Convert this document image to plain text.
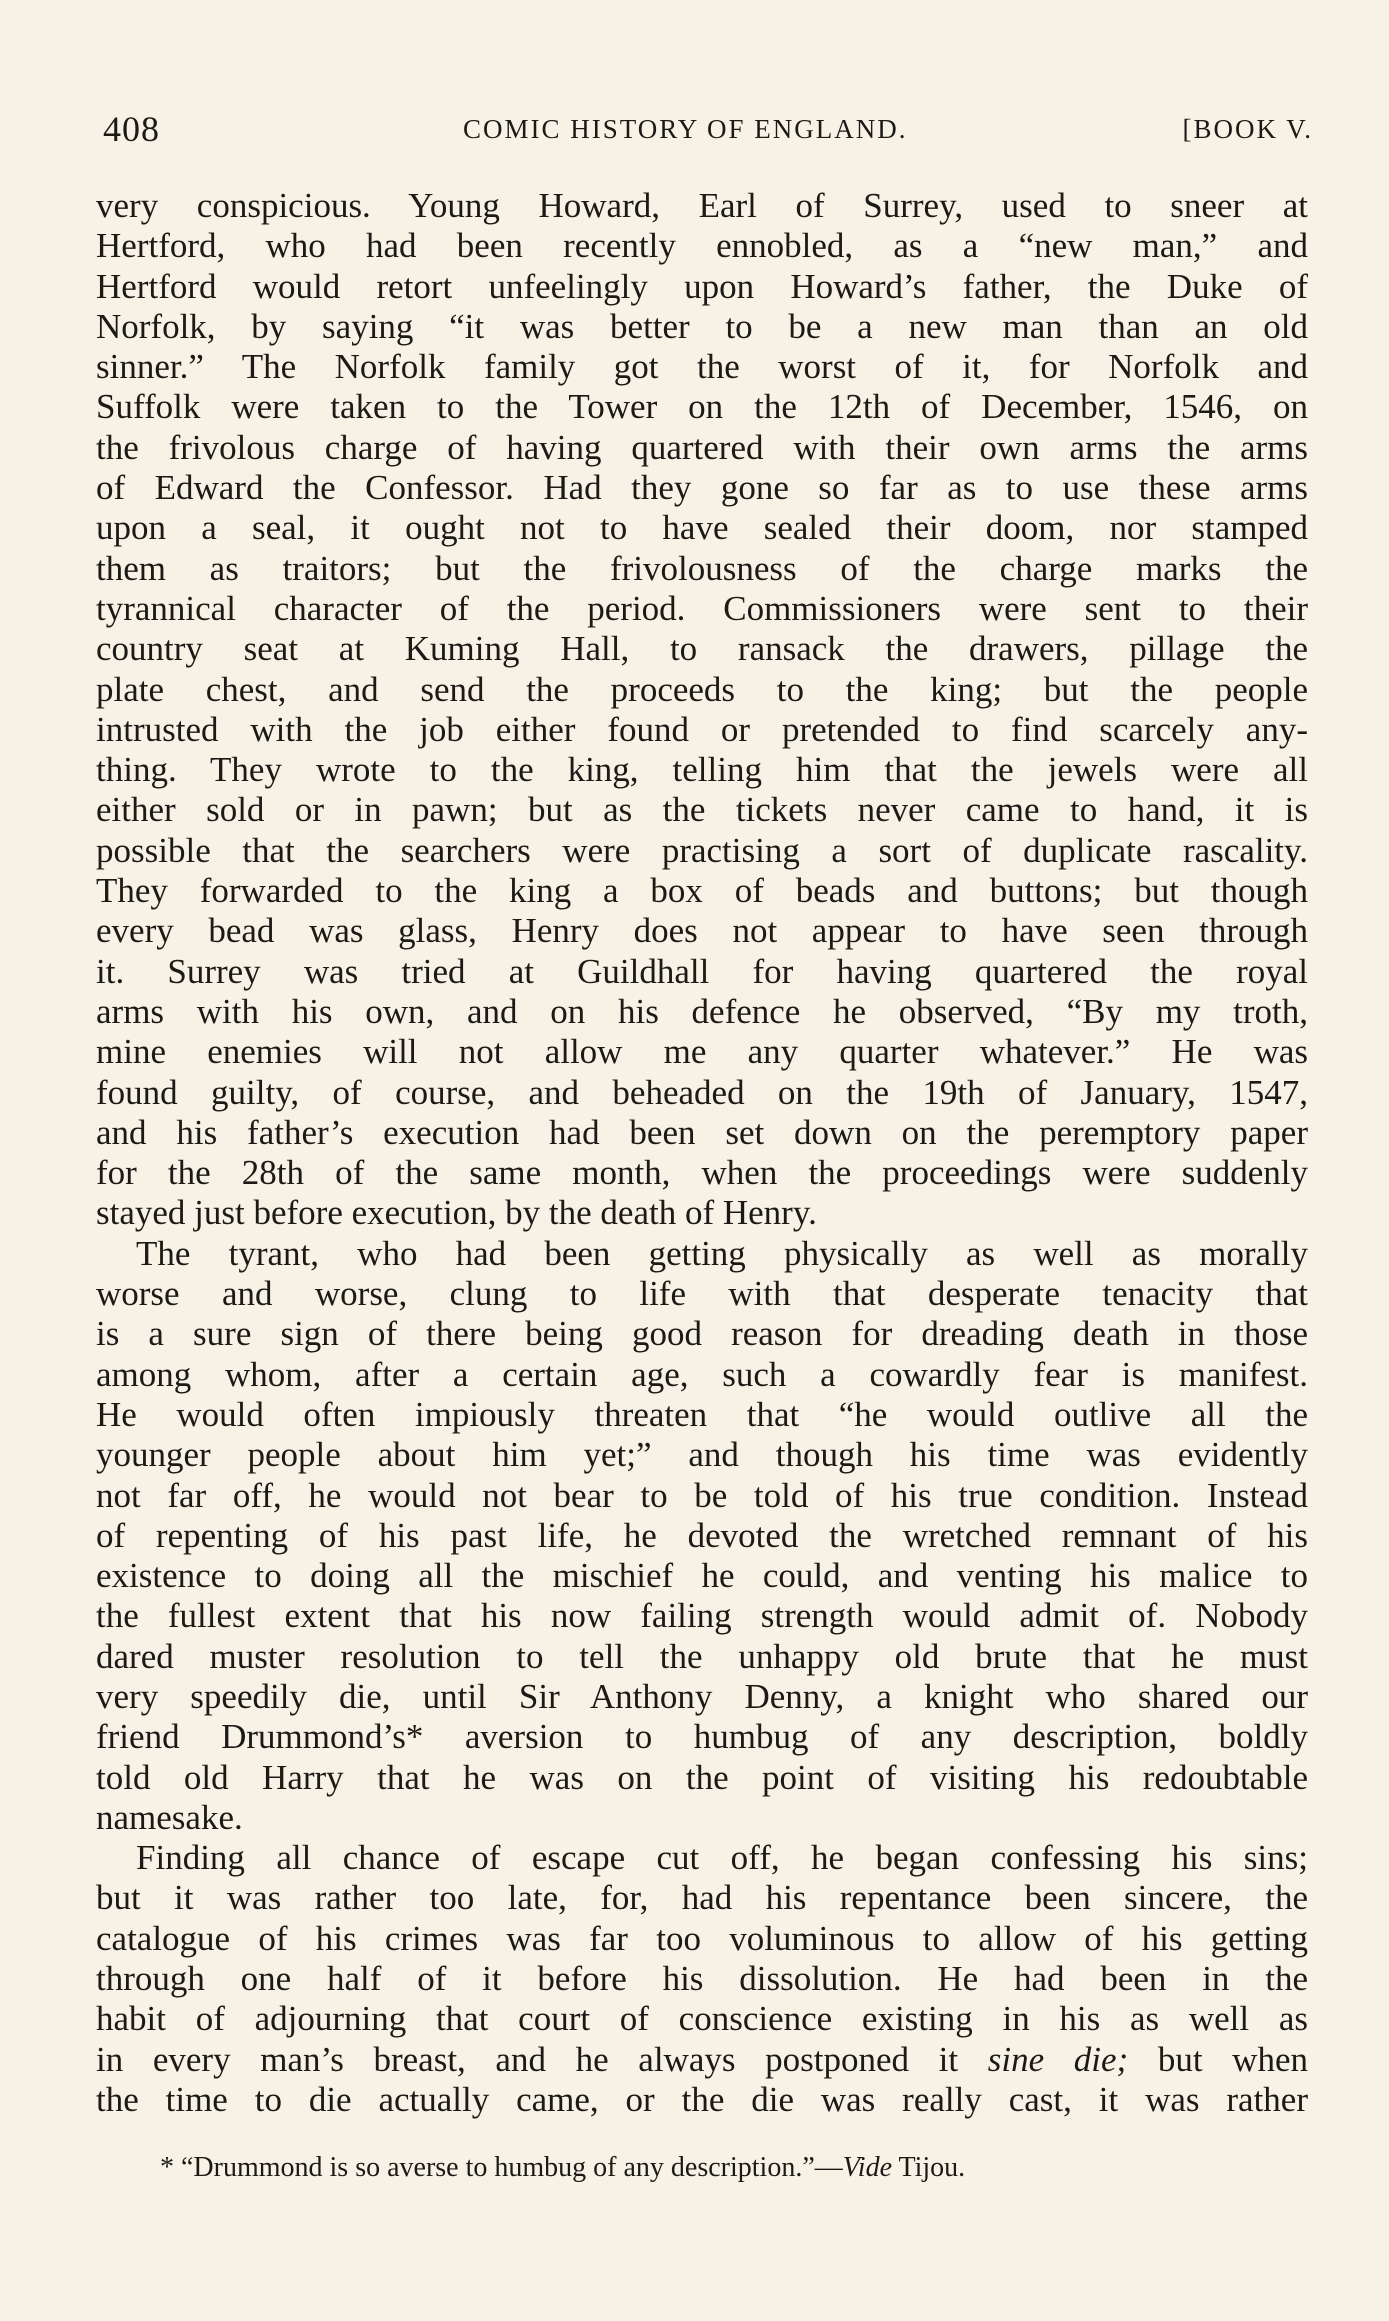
408	COMIC HISTORY OF ENGLAND.	[BOOK V.
very conspicious. Young Howard, Earl of Surrey, used to sneer at
Hertford, who had been recently ennobled, as a “new man,” and
Hertford would retort unfeelingly upon Howard’s father, the Duke of
Norfolk, by saying “it was better to be a new man than an old
sinner.” The Norfolk family got the worst of it, for Norfolk and
Suffolk were taken to the Tower on the 12th of December, 1546, on
the frivolous charge of having quartered with their own arms the arms
of Edward the Confessor. Had they gone so far as to use these arms
upon a seal, it ought not to have sealed their doom, nor stamped
them as traitors; but the frivolousness of the charge marks the
tyrannical character of the period. Commissioners were sent to their
country seat at Kuming Hall, to ransack the drawers, pillage the
plate chest, and send the proceeds to the king; but the people
intrusted with the job either found or pretended to find scarcely any-
thing. They wrote to the king, telling him that the jewels were all
either sold or in pawn; but as the tickets never came to hand, it is
possible that the searchers were practising a sort of duplicate rascality.
They forwarded to the king a box of beads and buttons; but though
every bead was glass, Henry does not appear to have seen through
it. Surrey was tried at Guildhall for having quartered the royal
arms with his own, and on his defence he observed, “By my troth,
mine enemies will not allow me any quarter whatever.” He was
found guilty, of course, and beheaded on the 19th of January, 1547,
and his father’s execution had been set down on the peremptory paper
for the 28th of the same month, when the proceedings were suddenly
stayed just before execution, by the death of Henry.
The tyrant, who had been getting physically as well as morally
worse and worse, clung to life with that desperate tenacity that
is a sure sign of there being good reason for dreading death in those
among whom, after a certain age, such a cowardly fear is manifest.
He would often impiously threaten that “he would outlive all the
younger people about him yet;” and though his time was evidently
not far off, he would not bear to be told of his true condition. Instead
of repenting of his past life, he devoted the wretched remnant of his
existence to doing all the mischief he could, and venting his malice to
the fullest extent that his now failing strength would admit of. Nobody
dared muster resolution to tell the unhappy old brute that he must
very speedily die, until Sir Anthony Denny, a knight who shared our
friend Drummond’s* aversion to humbug of any description, boldly
told old Harry that he was on the point of visiting his redoubtable
namesake.
Finding all chance of escape cut off, he began confessing his sins;
but it was rather too late, for, had his repentance been sincere, the
catalogue of his crimes was far too voluminous to allow of his getting
through one half of it before his dissolution. He had been in the
habit of adjourning that court of conscience existing in his as well as
in every man’s breast, and he always postponed it sine die; but when
the time to die actually came, or the die was really cast, it was rather
* “Drummond is so averse to humbug of any description.”—Vide Tijou.
